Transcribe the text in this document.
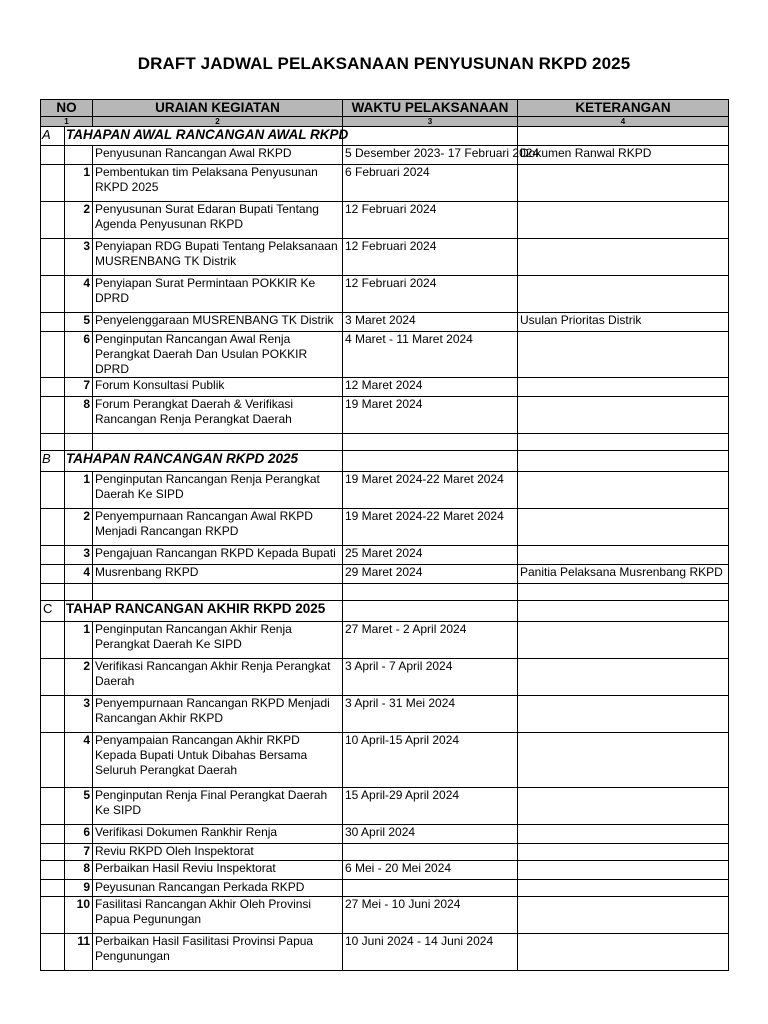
DRAFT JADWAL PELAKSANAAN PENYUSUNAN RKPD 2025
NO		URAIAN KEGIATAN	WAKTU PELAKSANAAN	KETERANGAN
1		2	3	4
A	TAHAPAN AWAL RANCANGAN AWAL RKPD			
		Penyusunan Rancangan Awal RKPD	5 Desember 2023- 17 Februari 2024	Dokumen Ranwal RKPD
	1	Pembentukan tim Pelaksana Penyusunan RKPD 2025	6 Februari 2024	
	2	Penyusunan Surat Edaran Bupati Tentang Agenda Penyusunan RKPD	12 Februari 2024	
	3	Penyiapan RDG Bupati Tentang Pelaksanaan MUSRENBANG TK Distrik	12 Februari 2024	
	4	Penyiapan Surat Permintaan POKKIR Ke DPRD	12 Februari 2024	
	5	Penyelenggaraan MUSRENBANG TK Distrik	3 Maret 2024	Usulan Prioritas Distrik
	6	Penginputan Rancangan Awal Renja Perangkat Daerah Dan Usulan POKKIR DPRD	4 Maret - 11 Maret 2024	
	7	Forum Konsultasi Publik	12 Maret 2024	
	8	Forum Perangkat Daerah & Verifikasi Rancangan Renja Perangkat Daerah	19 Maret 2024	

B	TAHAPAN RANCANGAN RKPD 2025			
	1	Penginputan Rancangan Renja Perangkat Daerah Ke SIPD	19 Maret 2024-22 Maret 2024	
	2	Penyempurnaan Rancangan Awal RKPD Menjadi Rancangan RKPD	19 Maret 2024-22 Maret 2024	
	3	Pengajuan Rancangan RKPD Kepada Bupati	25 Maret 2024	
	4	Musrenbang RKPD	29 Maret 2024	Panitia Pelaksana Musrenbang RKPD

C	TAHAP RANCANGAN AKHIR RKPD 2025			
	1	Penginputan Rancangan Akhir Renja Perangkat Daerah Ke SIPD	27 Maret - 2 April 2024	
	2	Verifikasi Rancangan Akhir Renja Perangkat Daerah	3 April - 7 April 2024	
	3	Penyempurnaan Rancangan RKPD Menjadi Rancangan Akhir RKPD	3 April - 31 Mei 2024	
	4	Penyampaian Rancangan Akhir RKPD Kepada Bupati Untuk Dibahas Bersama Seluruh Perangkat Daerah	10 April-15 April 2024	
	5	Penginputan Renja Final Perangkat Daerah Ke SIPD	15 April-29 April 2024	
	6	Verifikasi Dokumen Rankhir Renja	30 April 2024	
	7	Reviu RKPD Oleh Inspektorat		
	8	Perbaikan Hasil Reviu Inspektorat	6 Mei - 20 Mei 2024	
	9	Peyusunan Rancangan Perkada RKPD		
	10	Fasilitasi Rancangan Akhir Oleh Provinsi Papua Pegunungan	27 Mei - 10 Juni 2024	
	11	Perbaikan Hasil Fasilitasi Provinsi Papua Pengunungan	10 Juni 2024 - 14 Juni 2024	
